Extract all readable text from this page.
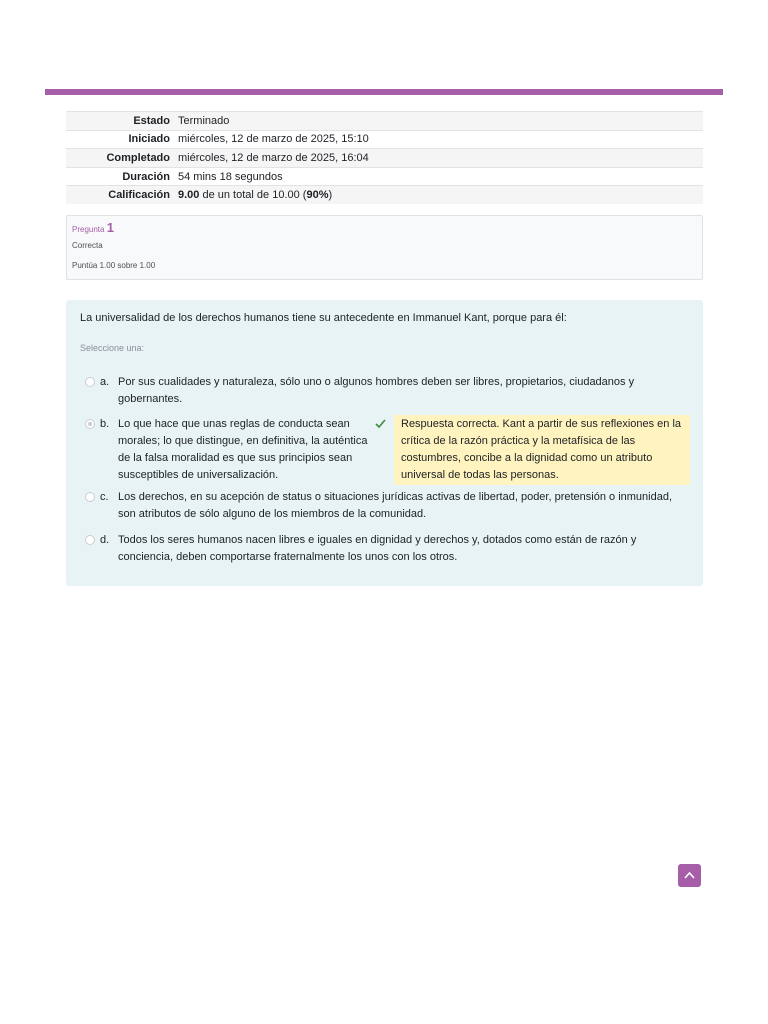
Estado	Terminado
Iniciado	miércoles, 12 de marzo de 2025, 15:10
Completado	miércoles, 12 de marzo de 2025, 16:04
Duración	54 mins 18 segundos
Calificación	9.00 de un total de 10.00 (90%)
Pregunta 1
Correcta
Puntúa 1.00 sobre 1.00
La universalidad de los derechos humanos tiene su antecedente en Immanuel Kant, porque para él:
Seleccione una:
a. Por sus cualidades y naturaleza, sólo uno o algunos hombres deben ser libres, propietarios, ciudadanos y gobernantes.
b. Lo que hace que unas reglas de conducta sean morales; lo que distingue, en definitiva, la auténtica de la falsa moralidad es que sus principios sean susceptibles de universalización.
Respuesta correcta. Kant a partir de sus reflexiones en la crítica de la razón práctica y la metafísica de las costumbres, concibe a la dignidad como un atributo universal de todas las personas.
c. Los derechos, en su acepción de status o situaciones jurídicas activas de libertad, poder, pretensión o inmunidad, son atributos de sólo alguno de los miembros de la comunidad.
d. Todos los seres humanos nacen libres e iguales en dignidad y derechos y, dotados como están de razón y conciencia, deben comportarse fraternalmente los unos con los otros.
